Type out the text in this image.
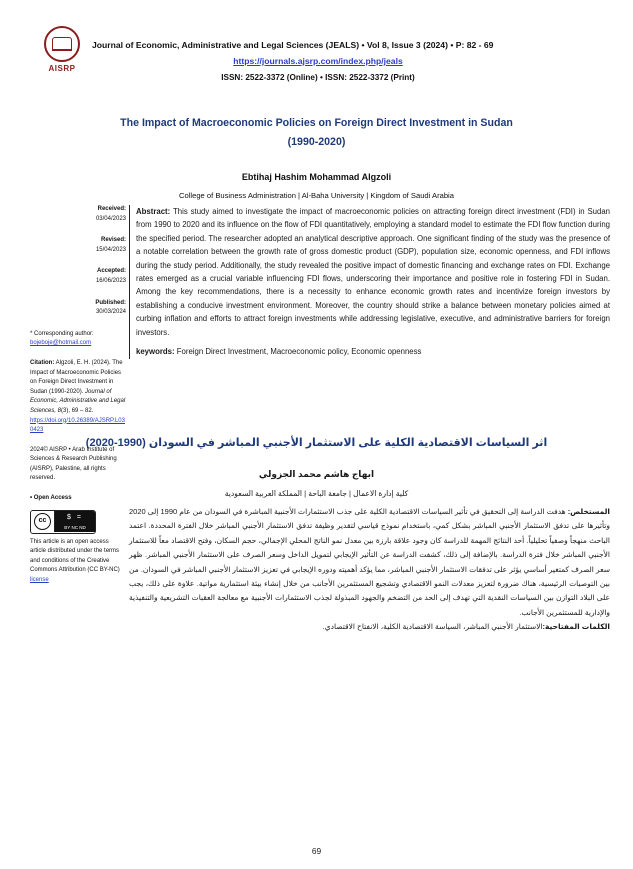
AISRP
Journal of Economic, Administrative and Legal Sciences (JEALS) • Vol 8, Issue 3 (2024) • P: 82 - 69
https://journals.ajsrp.com/index.php/jeals
ISSN: 2522-3372 (Online) • ISSN: 2522-3372 (Print)
The Impact of Macroeconomic Policies on Foreign Direct Investment in Sudan
(1990-2020)
Ebtihaj Hashim Mohammad Algzoli
College of Business Administration | Al-Baha University | Kingdom of Saudi Arabia
Received:
03/04/2023
Revised:
15/04/2023
Accepted:
16/06/2023
Published:
30/03/2024
* Corresponding author:
bojeboje@hotmail.com
Citation: Algzoli, E. H. (2024). The Impact of Macroeconomic Policies on Foreign Direct Investment in Sudan (1990-2020). Journal of Economic, Administrative and Legal Sciences, 8(3), 69 – 82.
https://doi.org/10.26389/AJSRP.L030423
2024© AISRP • Arab Institute of Sciences & Research Publishing (AISRP), Palestine, all rights reserved.
• Open Access
cc	$ =
BY NC ND
This article is an open access article distributed under the terms and conditions of the Creative Commons Attribution (CC BY-NC) license

Abstract: This study aimed to investigate the impact of macroeconomic policies on attracting foreign direct investment (FDI) in Sudan from 1990 to 2020 and its influence on the flow of FDI quantitatively, employing a standard model to estimate the FDI flow function during the specified period. The researcher adopted an analytical descriptive approach. One significant finding of the study was the presence of a notable correlation between the growth rate of gross domestic product (GDP), population size, economic openness, and FDI inflows during the study period. Additionally, the study revealed the positive impact of domestic financing and exchange rates on FDI. Exchange rates emerged as a crucial variable influencing FDI flows, underscoring their importance and positive role in fostering FDI in Sudan. Among the key recommendations, there is a necessity to enhance economic growth rates and incentivize foreign investors by establishing a conducive investment environment. Moreover, the country should strike a balance between monetary policies aimed at curbing inflation and efforts to attract foreign investments while addressing legislative, executive, and administrative barriers for foreign investors.

keywords: Foreign Direct Investment, Macroeconomic policy, Economic openness

اثر السياسات الاقتصادية الكلية على الاستثمار الأجنبي المباشر في السودان (1990-2020)
ابهاج هاشم محمد الجزولي
كلية إدارة الاعمال | جامعة الباحة | المملكة العربية السعودية

المستخلص: هدفت الدراسة إلى التحقيق في تأثير السياسات الاقتصادية الكلية على جذب الاستثمارات الأجنبية المباشرة في السودان من عام 1990 إلى 2020 وتأثيرها على تدفق الاستثمار الأجنبي المباشر بشكل كمي، باستخدام نموذج قياسي لتقدير وظيفة تدفق الاستثمار الأجنبي المباشر خلال الفترة المحددة. اعتمد الباحث منهجاً وصفياً تحليلياً. أحد النتائج المهمة للدراسة كان وجود علاقة بارزة بين معدل نمو الناتج المحلي الإجمالي، حجم السكان، وفتح الاقتصاد معاً للاستثمار الأجنبي المباشر خلال فترة الدراسة. بالإضافة إلى ذلك، كشفت الدراسة عن التأثير الإيجابي لتمويل الداخل وسعر الصرف على الاستثمار الأجنبي المباشر. ظهر سعر الصرف كمتغير أساسي يؤثر على تدفقات الاستثمار الأجنبي المباشر، مما يؤكد أهميته ودوره الإيجابي في تعزيز الاستثمار الأجنبي المباشر في السودان. من بين التوصيات الرئيسية، هناك ضرورة لتعزيز معدلات النمو الاقتصادي وتشجيع المستثمرين الأجانب من خلال إنشاء بيئة استثمارية مواتية. علاوة على ذلك، يجب على البلاد التوازن بين السياسات النقدية التي تهدف إلى الحد من التضخم والجهود المبذولة لجذب الاستثمارات الأجنبية مع معالجة العقبات التشريعية والتنفيذية والإدارية للمستثمرين الأجانب.

الكلمات المفتاحية:الاستثمار الأجنبي المباشر، السياسة الاقتصادية الكلية، الانفتاح الاقتصادي.

69
